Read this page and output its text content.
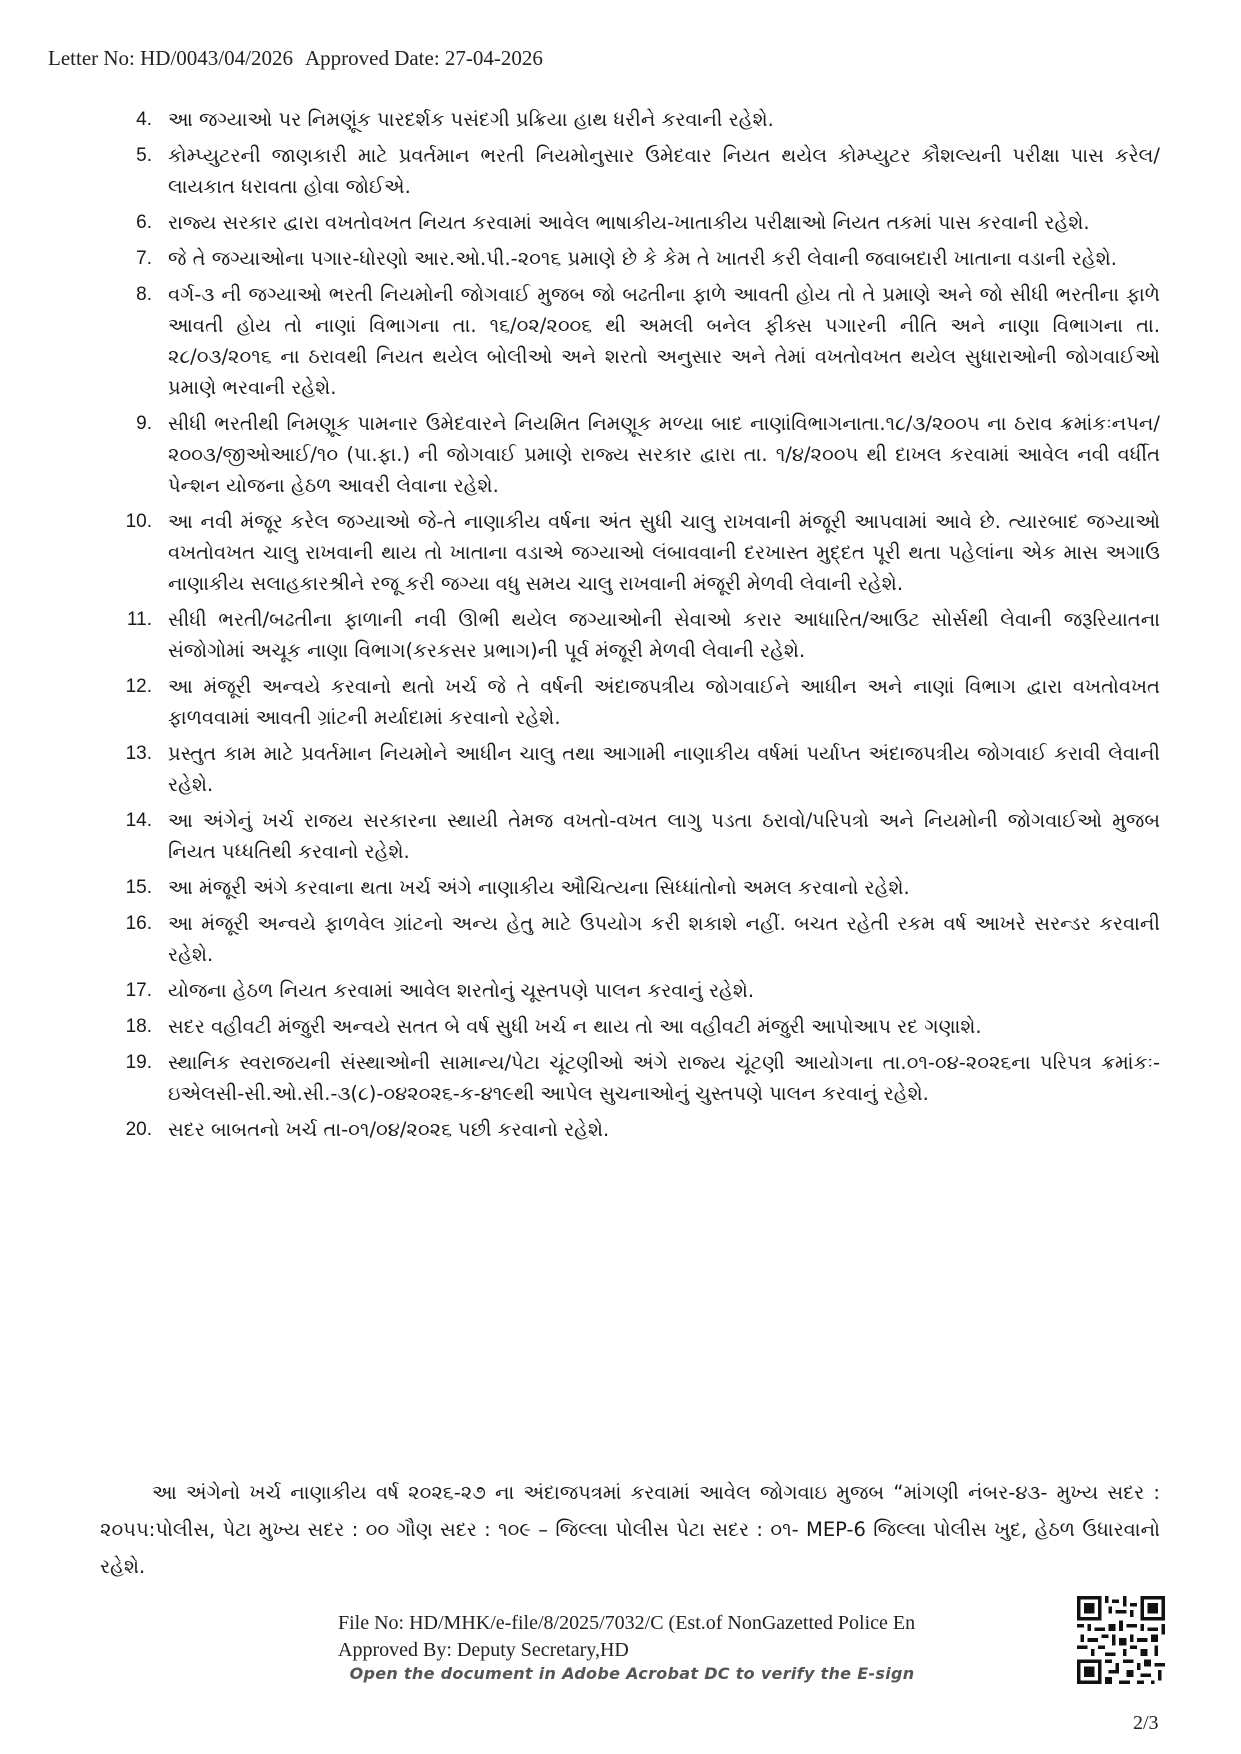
Letter No: HD/0043/04/2026 Approved Date: 27-04-2026
4. આ જગ્યાઓ પર નિમણૂંક પારદર્શક પસંદગી પ્રક્રિયા હાથ ધરીને કરવાની રહેશે.
5. કોમ્પ્યુટરની જાણકારી માટે પ્રવર્તમાન ભરતી નિયમોનુસાર ઉમેદવાર નિયત થયેલ કોમ્પ્યુટર કૌશલ્યની પરીક્ષા પાસ કરેલ/લાયકાત ધરાવતા હોવા જોઈએ.
6. રાજ્ય સરકાર દ્વારા વખતોવખત નિયત કરવામાં આવેલ ભાષાકીય-ખાતાકીય પરીક્ષાઓ નિયત તકમાં પાસ કરવાની રહેશે.
7. જે તે જગ્યાઓના પગાર-ધોરણો આર.ઓ.પી.-૨૦૧૬ પ્રમાણે છે કે કેમ તે ખાતરી કરી લેવાની જવાબદારી ખાતાના વડાની રહેશે.
8. વર્ગ-૩ ની જગ્યાઓ ભરતી નિયમોની જોગવાઈ મુજબ જો બઢતીના ફાળે આવતી હોય તો તે પ્રમાણે અને જો સીધી ભરતીના ફાળે આવતી હોય તો નાણાં વિભાગના તા. ૧૬/૦૨/૨૦૦૬ થી અમલી બનેલ ફીક્સ પગારની નીતિ અને નાણા વિભાગના તા. ૨૮/૦૩/૨૦૧૬ ના ઠરાવથી નિયત થયેલ બોલીઓ અને શરતો અનુસાર અને તેમાં વખતોવખત થયેલ સુધારાઓની જોગવાઈઓ પ્રમાણે ભરવાની રહેશે.
9. સીધી ભરતીથી નિમણૂક પામનાર ઉમેદવારને નિયમિત નિમણૂક મળ્યા બાદ નાણાંવિભાગનાતા.૧૮/૩/૨૦૦૫ ના ઠરાવ ક્રમાંકઃનપન/૨૦૦૩/જીઓઆઈ/૧૦ (પા.ફા.) ની જોગવાઈ પ્રમાણે રાજ્ય સરકાર દ્વારા તા. ૧/૪/૨૦૦૫ થી દાખલ કરવામાં આવેલ નવી વર્ધીત પેન્શન યોજના હેઠળ આવરી લેવાના રહેશે.
10. આ નવી મંજૂર કરેલ જગ્યાઓ જે-તે નાણાકીય વર્ષના અંત સુધી ચાલુ રાખવાની મંજૂરી આપવામાં આવે છે. ત્યારબાદ જગ્યાઓ વખતોવખત ચાલુ રાખવાની થાય તો ખાતાના વડાએ જગ્યાઓ લંબાવવાની દરખાસ્ત મુદ્દત પૂરી થતા પહેલાંના એક માસ અગાઉ નાણાકીય સલાહકારશ્રીને રજૂ કરી જગ્યા વધુ સમય ચાલુ રાખવાની મંજૂરી મેળવી લેવાની રહેશે.
11. સીધી ભરતી/બઢતીના ફાળાની નવી ઊભી થયેલ જગ્યાઓની સેવાઓ કરાર આધારિત/આઉટ સોર્સથી લેવાની જરૂરિયાતના સંજોગોમાં અચૂક નાણા વિભાગ(કરકસર પ્રભાગ)ની પૂર્વ મંજૂરી મેળવી લેવાની રહેશે.
12. આ મંજૂરી અન્વયે કરવાનો થતો ખર્ચ જે તે વર્ષની અંદાજપત્રીય જોગવાઈને આધીન અને નાણાં વિભાગ દ્વારા વખતોવખત ફાળવવામાં આવતી ગ્રાંટની મર્યાદામાં કરવાનો રહેશે.
13. પ્રસ્તુત કામ માટે પ્રવર્તમાન નિયમોને આધીન ચાલુ તથા આગામી નાણાકીય વર્ષમાં પર્યાપ્ત અંદાજપત્રીય જોગવાઈ કરાવી લેવાની રહેશે.
14. આ અંગેનું ખર્ચ રાજય સરકારના સ્થાયી તેમજ વખતો-વખત લાગુ પડતા ઠરાવો/પરિપત્રો અને નિયમોની જોગવાઈઓ મુજબ નિયત પધ્ધતિથી કરવાનો રહેશે.
15. આ મંજૂરી અંગે કરવાના થતા ખર્ચ અંગે નાણાકીય ઔચિત્યના સિધ્ધાંતોનો અમલ કરવાનો રહેશે.
16. આ મંજૂરી અન્વયે ફાળવેલ ગ્રાંટનો અન્ય હેતુ માટે ઉપયોગ કરી શકાશે નહીં. બચત રહેતી રકમ વર્ષ આખરે સરન્ડર કરવાની રહેશે.
17. યોજના હેઠળ નિયત કરવામાં આવેલ શરતોનું ચૂસ્તપણે પાલન કરવાનું રહેશે.
18. સદર વહીવટી મંજુરી અન્વયે સતત બે વર્ષ સુધી ખર્ચ ન થાય તો આ વહીવટી મંજુરી આપોઆપ રદ ગણાશે.
19. સ્થાનિક સ્વરાજયની સંસ્થાઓની સામાન્ય/પેટા ચૂંટણીઓ અંગે રાજ્ય ચૂંટણી આયોગના તા.૦૧-૦૪-૨૦૨૬ના પરિપત્ર ક્રમાંકઃ-ઇએલસી-સી.ઓ.સી.-૩(૮)-૦૪૨૦૨૬-ક-૪૧૯થી આપેલ સુચનાઓનું ચુસ્તપણે પાલન કરવાનું રહેશે.
20. સદર બાબતનો ખર્ચ તા-૦૧/૦૪/૨૦૨૬ પછી કરવાનો રહેશે.

આ અંગેનો ખર્ચ નાણાકીય વર્ષ ૨૦૨૬-૨૭ ના અંદાજપત્રમાં કરવામાં આવેલ જોગવાઇ મુજબ “માંગણી નંબર-૪૩- મુખ્ય સદર : ૨૦૫૫:પોલીસ, પેટા મુખ્ય સદર : ૦૦ ગૌણ સદર : ૧૦૯ – જિલ્લા પોલીસ પેટા સદર : ૦૧- MEP-6 જિલ્લા પોલીસ ખુદ, હેઠળ ઉધારવાનો રહેશે.

File No: HD/MHK/e-file/8/2025/7032/C (Est.of NonGazetted Police En
Approved By: Deputy Secretary,HD
Open the document in Adobe Acrobat DC to verify the E-sign
2/3
